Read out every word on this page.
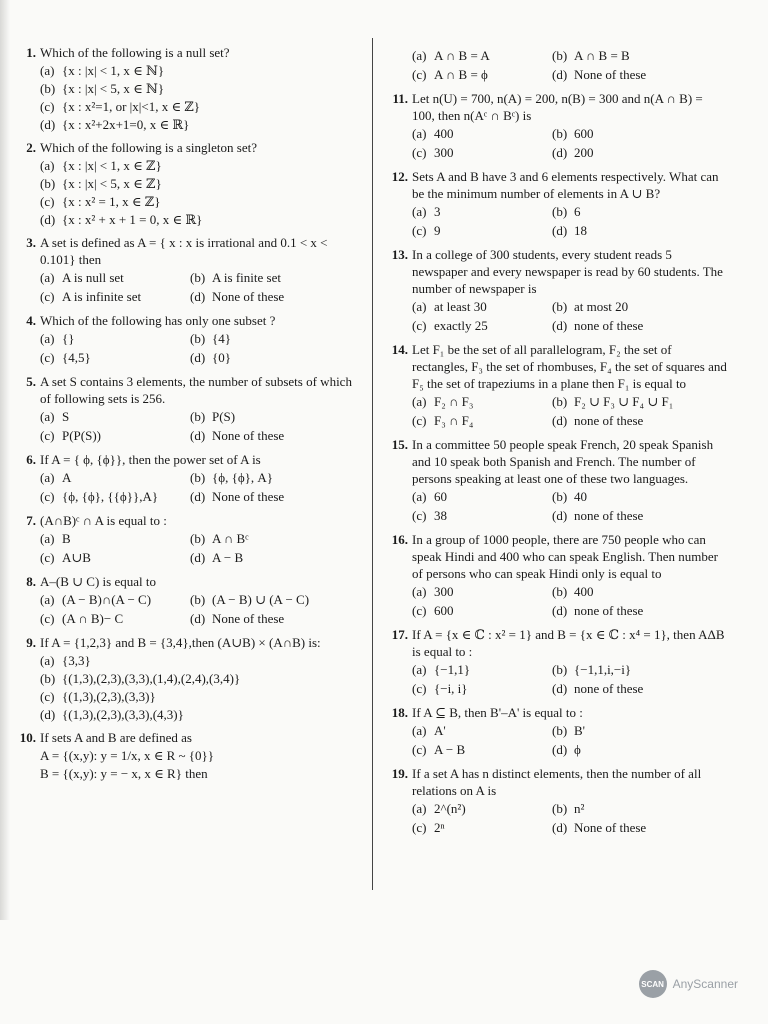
1. Which of the following is a null set?
(a) {x : |x| < 1, x ∈ ℕ}
(b) {x : |x| < 5, x ∈ ℕ}
(c) {x : x²=1, or |x|<1, x ∈ ℤ}
(d) {x : x²+2x+1=0, x ∈ ℝ}
2. Which of the following is a singleton set?
(a) {x : |x| < 1, x ∈ ℤ}
(b) {x : |x| < 5, x ∈ ℤ}
(c) {x : x² = 1, x ∈ ℤ}
(d) {x : x² + x + 1 = 0, x ∈ ℝ}
3. A set is defined as A = { x : x is irrational and 0.1 < x < 0.101} then
(a) A is null set	(b) A is finite set
(c) A is infinite set	(d) None of these
4. Which of the following has only one subset ?
(a) {}	(b) {4}
(c) {4,5}	(d) {0}
5. A set S contains 3 elements, the number of subsets of which of following sets is 256.
(a) S	(b) P(S)
(c) P(P(S))	(d) None of these
6. If A = { ϕ, {ϕ}}, then the power set of A is
(a) A	(b) {ϕ, {ϕ}, A}
(c) {ϕ, {ϕ}, {{ϕ}},A} (d) None of these
7. (A∩B)ᶜ ∩ A is equal to :
(a) B	(b) A ∩ Bᶜ
(c) A∪B	(d) A − B
8. A–(B ∪ C) is equal to
(a) (A − B)∩(A − C)	(b) (A − B) ∪ (A − C)
(c) (A ∩ B)− C	(d) None of these
9. If A = {1,2,3} and B = {3,4},then (A∪B) × (A∩B) is:
(a) {3,3}
(b) {(1,3),(2,3),(3,3),(1,4),(2,4),(3,4)}
(c) {(1,3),(2,3),(3,3)}
(d) {(1,3),(2,3),(3,3),(4,3)}
10. If sets A and B are defined as
A = {(x,y): y = 1/x, x ∈ R ~ {0}}
B = {(x,y): y = − x, x ∈ R} then
(a) A ∩ B = A	(b) A ∩ B = B
(c) A ∩ B = ϕ	(d) None of these
11. Let n(U) = 700, n(A) = 200, n(B) = 300 and n(A ∩ B) = 100, then n(Aᶜ ∩ Bᶜ) is
(a) 400	(b) 600
(c) 300	(d) 200
12. Sets A and B have 3 and 6 elements respectively. What can be the minimum number of elements in A ∪ B?
(a) 3	(b) 6
(c) 9	(d) 18
13. In a college of 300 students, every student reads 5 newspaper and every newspaper is read by 60 students. The number of newspaper is
(a) at least 30	(b) at most 20
(c) exactly 25	(d) none of these
14. Let F₁ be the set of all parallelogram, F₂ the set of rectangles, F₃ the set of rhombuses, F₄ the set of squares and F₅ the set of trapeziums in a plane then F₁ is equal to
(a) F₂ ∩ F₃	(b) F₂ ∪ F₃ ∪ F₄ ∪ F₁
(c) F₃ ∩ F₄	(d) none of these
15. In a committee 50 people speak French, 20 speak Spanish and 10 speak both Spanish and French. The number of persons speaking at least one of these two languages.
(a) 60	(b) 40
(c) 38	(d) none of these
16. In a group of 1000 people, there are 750 people who can speak Hindi and 400 who can speak English. Then number of persons who can speak Hindi only is equal to
(a) 300	(b) 400
(c) 600	(d) none of these
17. If A = {x ∈ ℂ : x² = 1} and B = {x ∈ ℂ : x⁴ = 1}, then AΔB is equal to :
(a) {−1,1}	(b) {−1,1,i,−i}
(c) {−i, i}	(d) none of these
18. If A ⊆ B, then B'–A' is equal to :
(a) A'	(b) B'
(c) A − B	(d) ϕ
19. If a set A has n distinct elements, then the number of all relations on A is
(a) 2^(n²)	(b) n²
(c) 2ⁿ	(d) None of these
SCAN AnyScanner
